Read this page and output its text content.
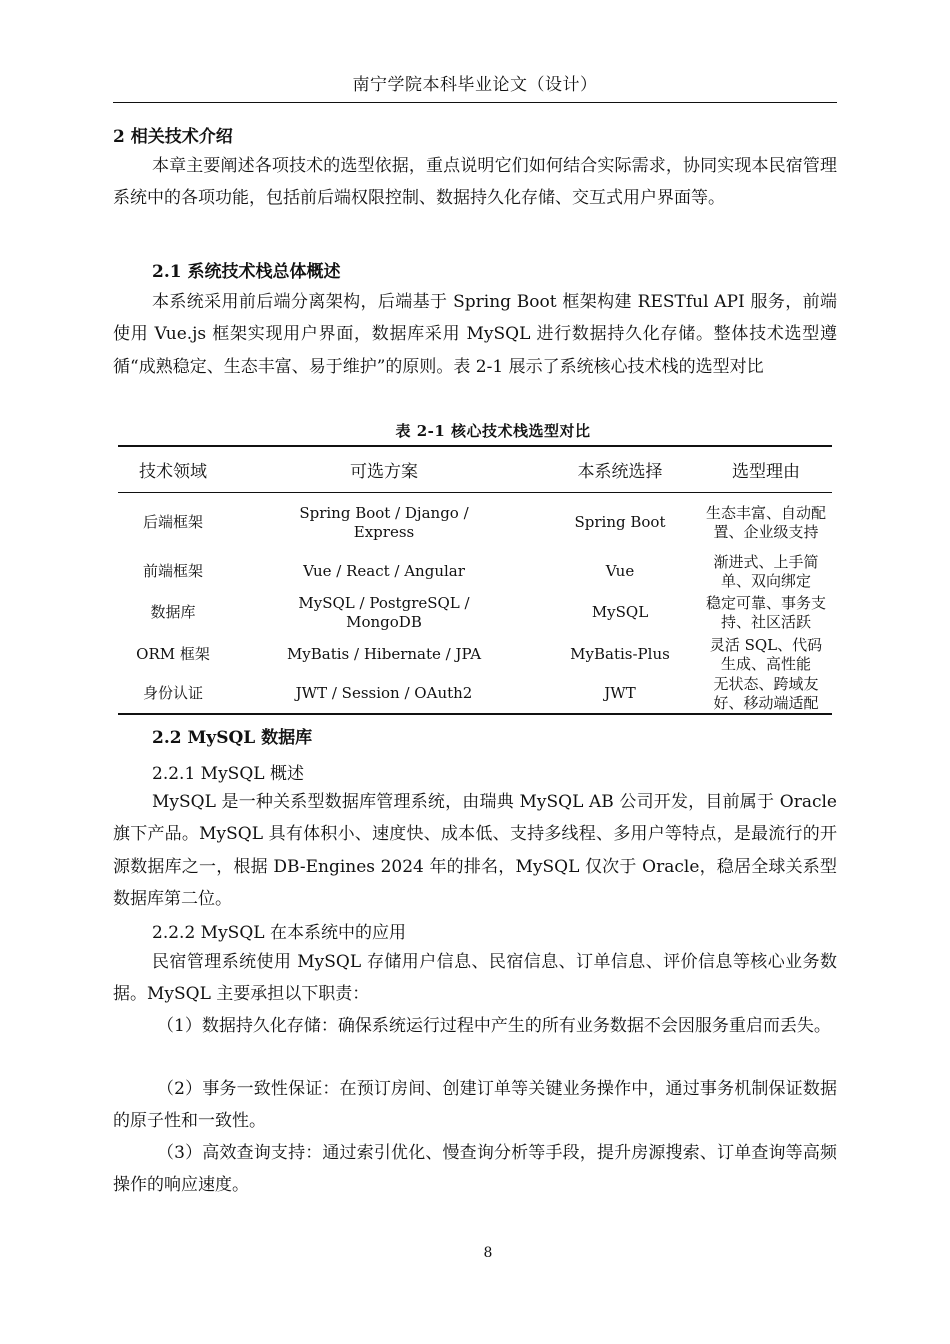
南宁学院本科毕业论文（设计）
2 相关技术介绍

本章主要阐述各项技术的选型依据，重点说明它们如何结合实际需求，协同实现本民宿管理系统中的各项功能，包括前后端权限控制、数据持久化存储、交互式用户界面等。

2.1 系统技术栈总体概述

本系统采用前后端分离架构，后端基于 Spring Boot 框架构建 RESTful API 服务，前端使用 Vue.js 框架实现用户界面，数据库采用 MySQL 进行数据持久化存储。整体技术选型遵循“成熟稳定、生态丰富、易于维护”的原则。表 2-1 展示了系统核心技术栈的选型对比

表 2-1 核心技术栈选型对比
技术领域	可选方案	本系统选择	选型理由
后端框架	Spring Boot / Django / Express	Spring Boot	生态丰富、自动配置、企业级支持
前端框架	Vue / React / Angular	Vue	渐进式、上手简单、双向绑定
数据库	MySQL / PostgreSQL / MongoDB	MySQL	稳定可靠、事务支持、社区活跃
ORM 框架	MyBatis / Hibernate / JPA	MyBatis-Plus	灵活 SQL、代码生成、高性能
身份认证	JWT / Session / OAuth2	JWT	无状态、跨域友好、移动端适配
2.2 MySQL 数据库
2.2.1 MySQL 概述

MySQL 是一种关系型数据库管理系统，由瑞典 MySQL AB 公司开发，目前属于 Oracle 旗下产品。MySQL 具有体积小、速度快、成本低、支持多线程、多用户等特点，是最流行的开源数据库之一，根据 DB-Engines 2024 年的排名，MySQL 仅次于 Oracle，稳居全球关系型数据库第二位。

2.2.2 MySQL 在本系统中的应用

民宿管理系统使用 MySQL 存储用户信息、民宿信息、订单信息、评价信息等核心业务数据。MySQL 主要承担以下职责：

（1）数据持久化存储：确保系统运行过程中产生的所有业务数据不会因服务重启而丢失。

（2）事务一致性保证：在预订房间、创建订单等关键业务操作中，通过事务机制保证数据的原子性和一致性。

（3）高效查询支持：通过索引优化、慢查询分析等手段，提升房源搜索、订单查询等高频操作的响应速度。

8
